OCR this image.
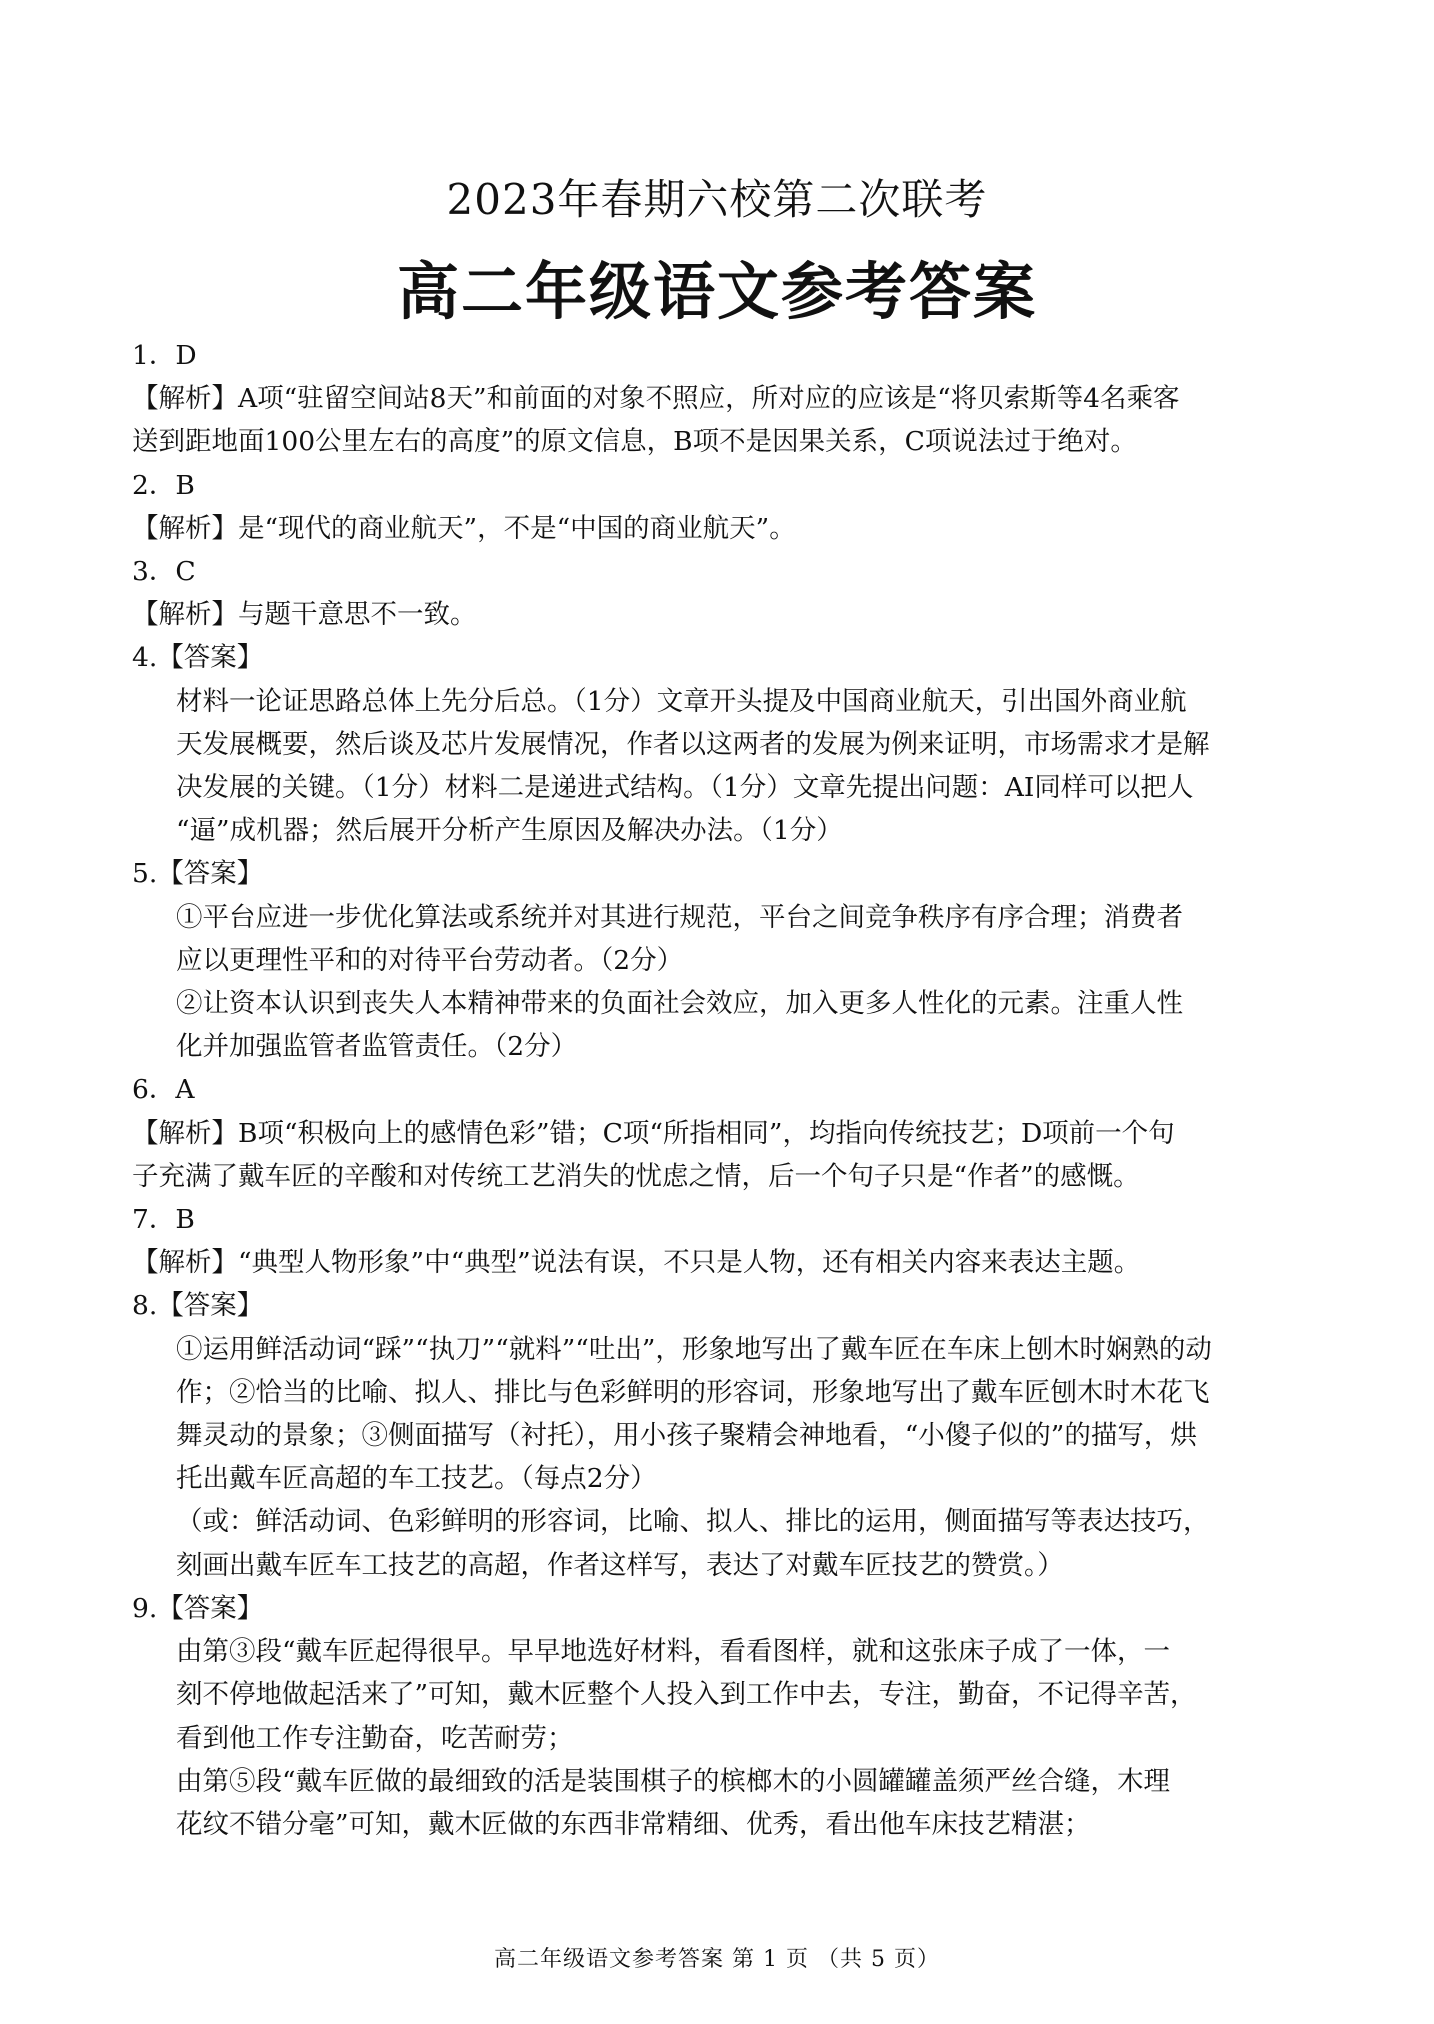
2023年春期六校第二次联考
高二年级语文参考答案

1．D

【解析】A项“驻留空间站8天”和前面的对象不照应，所对应的应该是“将贝索斯等4名乘客

送到距地面100公里左右的高度”的原文信息，B项不是因果关系，C项说法过于绝对。

2．B

【解析】是“现代的商业航天”，不是“中国的商业航天”。

3．C

【解析】与题干意思不一致。

4.【答案】

材料一论证思路总体上先分后总。（1分）文章开头提及中国商业航天，引出国外商业航

天发展概要，然后谈及芯片发展情况，作者以这两者的发展为例来证明，市场需求才是解

决发展的关键。（1分）材料二是递进式结构。（1分）文章先提出问题：AI同样可以把人

“逼”成机器；然后展开分析产生原因及解决办法。（1分）

5.【答案】

①平台应进一步优化算法或系统并对其进行规范，平台之间竞争秩序有序合理；消费者

应以更理性平和的对待平台劳动者。（2分）

②让资本认识到丧失人本精神带来的负面社会效应，加入更多人性化的元素。注重人性

化并加强监管者监管责任。（2分）

6．A

【解析】B项“积极向上的感情色彩”错；C项“所指相同”，均指向传统技艺；D项前一个句

子充满了戴车匠的辛酸和对传统工艺消失的忧虑之情，后一个句子只是“作者”的感慨。

7．B

【解析】“典型人物形象”中“典型”说法有误，不只是人物，还有相关内容来表达主题。

8.【答案】

①运用鲜活动词“踩”“执刀”“就料”“吐出”，形象地写出了戴车匠在车床上刨木时娴熟的动

作；②恰当的比喻、拟人、排比与色彩鲜明的形容词，形象地写出了戴车匠刨木时木花飞

舞灵动的景象；③侧面描写（衬托），用小孩子聚精会神地看，“小傻子似的”的描写，烘

托出戴车匠高超的车工技艺。（每点2分）

（或：鲜活动词、色彩鲜明的形容词，比喻、拟人、排比的运用，侧面描写等表达技巧，

刻画出戴车匠车工技艺的高超，作者这样写，表达了对戴车匠技艺的赞赏。）

9.【答案】

由第③段“戴车匠起得很早。早早地选好材料，看看图样，就和这张床子成了一体，一

刻不停地做起活来了”可知，戴木匠整个人投入到工作中去，专注，勤奋，不记得辛苦，

看到他工作专注勤奋，吃苦耐劳；

由第⑤段“戴车匠做的最细致的活是装围棋子的槟榔木的小圆罐罐盖须严丝合缝，木理

花纹不错分毫”可知，戴木匠做的东西非常精细、优秀，看出他车床技艺精湛；

高二年级语文参考答案 第 1 页 （共 5 页）
